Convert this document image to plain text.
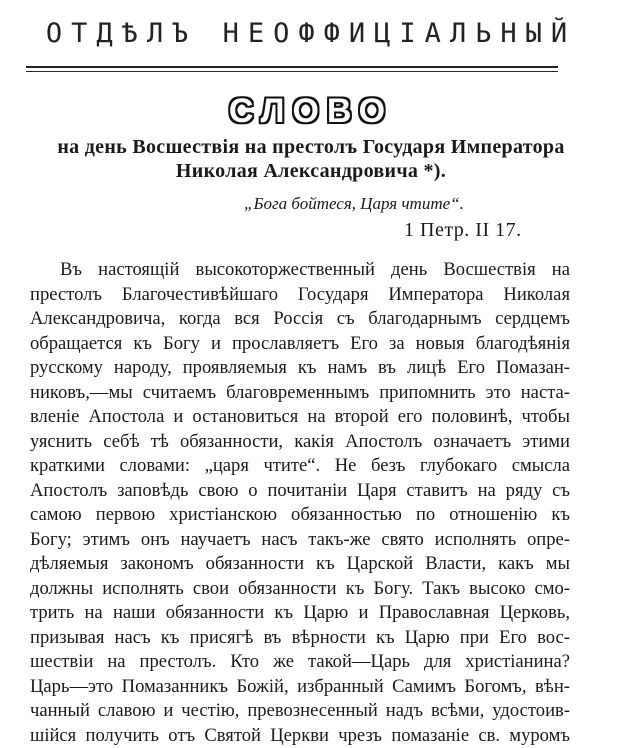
ОТДѢЛЪ НЕОФФИЦІАЛЬНЫЙ
СЛОВО
на день Восшествія на престолъ Государя Императора
Николая Александровича *).
„Бога бойтеся, Царя чтите“.
1 Петр. II 17.
Въ настоящій высокоторжественный день Восшествія на
престолъ Благочестивѣйшаго Государя Императора Николая
Александровича, когда вся Россія съ благодарнымъ сердцемъ
обращается къ Богу и прославляетъ Его за новыя благодѣянія
русскому народу, проявляемыя къ намъ въ лицѣ Его Помазан-
никовъ,—мы считаемъ благовременнымъ припомнить это наста-
вленіе Апостола и остановиться на второй его половинѣ, чтобы
уяснить себѣ тѣ обязанности, какія Апостолъ означаетъ этими
краткими словами: „царя чтите“. Не безъ глубокаго смысла
Апостолъ заповѣдь свою о почитаніи Царя ставитъ на ряду съ
самою первою христіанскою обязанностью по отношенію къ
Богу; этимъ онъ научаетъ насъ такъ-же свято исполнять опре-
дѣляемыя закономъ обязанности къ Царской Власти, какъ мы
должны исполнять свои обязанности къ Богу. Такъ высоко смо-
трить на наши обязанности къ Царю и Православная Церковь,
призывая насъ къ присягѣ въ вѣрности къ Царю при Его вос-
шествіи на престолъ. Кто же такой—Царь для христіанина?
Царь—это Помазанникъ Божій, избранный Самимъ Богомъ, вѣн-
чанный славою и честію, превознесенный надъ всѣми, удостоив-
шійся получить отъ Святой Церкви чрезъ помазаніе св. муромъ
